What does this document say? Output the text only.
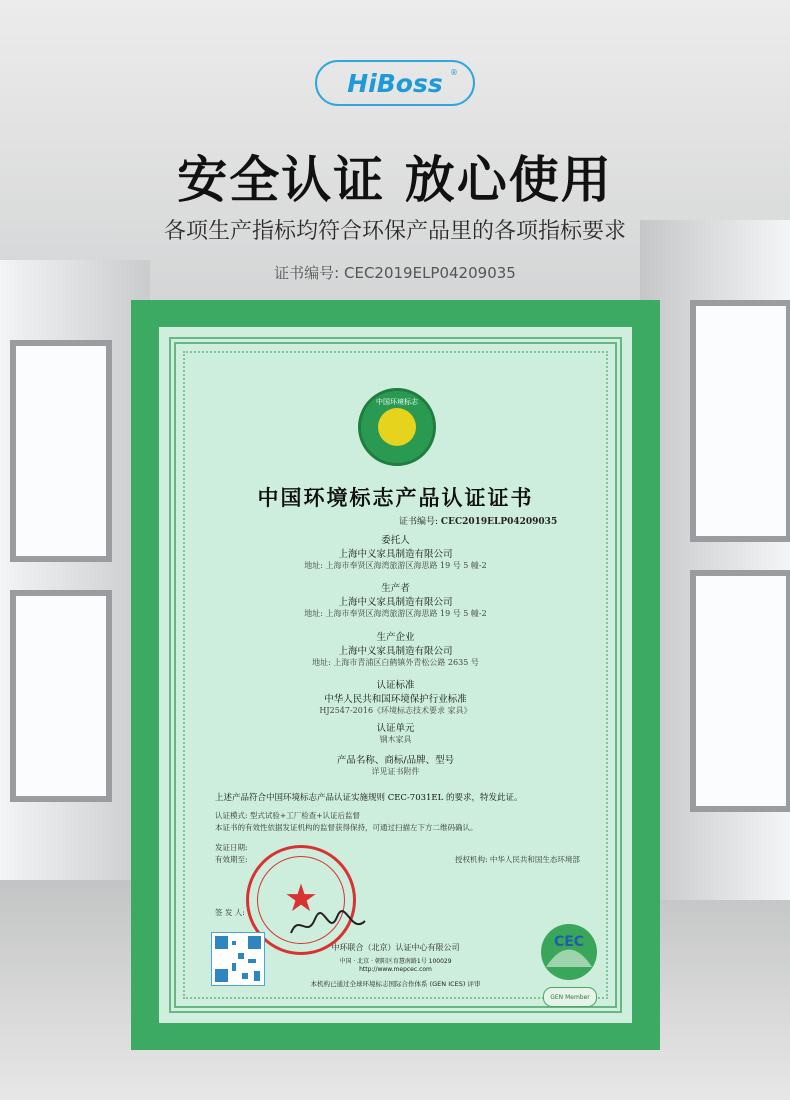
HiBoss ®
安全认证 放心使用
各项生产指标均符合环保产品里的各项指标要求
证书编号: CEC2019ELP04209035
中国环境标志
中国环境标志产品认证证书
证书编号: CEC2019ELP04209035
委托人
上海中义家具制造有限公司
地址: 上海市奉贤区海湾旅游区海思路 19 号 5 幢-2
生产者
上海中义家具制造有限公司
地址: 上海市奉贤区海湾旅游区海思路 19 号 5 幢-2
生产企业
上海中义家具制造有限公司
地址: 上海市青浦区白鹤镇外青松公路 2635 号
认证标准
中华人民共和国环境保护行业标准
HJ2547-2016《环境标志技术要求 家具》
认证单元
钢木家具
产品名称、商标/品牌、型号
详见证书附件
上述产品符合中国环境标志产品认证实施规则 CEC-7031EL 的要求，特发此证。
认证模式: 型式试验+工厂检查+认证后监督
本证书的有效性依据发证机构的监督获得保持，可通过扫描左下方二维码确认。
发证日期:
有效期至:	授权机构: 中华人民共和国生态环境部
签 发 人:	★
CEC
GEN Member
中环联合（北京）认证中心有限公司
中国 · 北京 · 朝阳区育慧南路1号 100029
http://www.mepcec.com
本机构已通过全球环境标志国际合作体系 (GEN ICES) 评审
